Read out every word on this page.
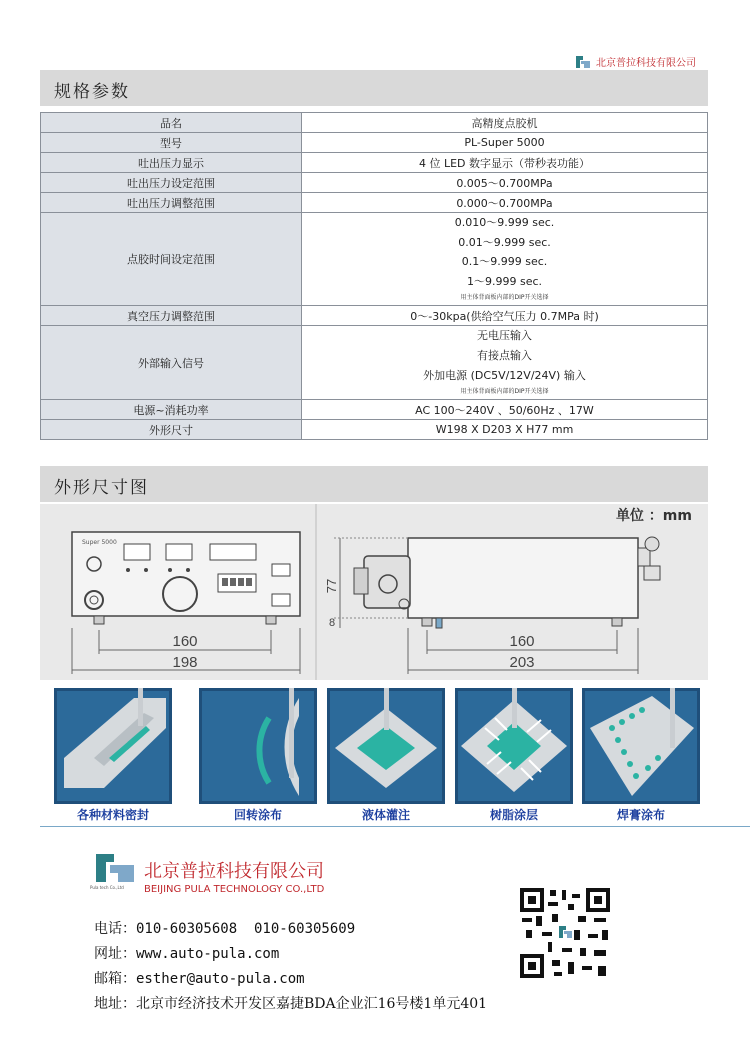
北京普拉科技有限公司
规格参数
品名	高精度点胶机
型号	PL-Super 5000
吐出压力显示	4 位 LED 数字显示（带秒表功能）
吐出压力设定范围	0.005～0.700MPa
吐出压力调整范围	0.000～0.700MPa
点胶时间设定范围	0.010～9.999 sec.
0.01～9.999 sec.
0.1～9.999 sec.
1～9.999 sec.
用主体背面板内部的DIP开关选择

真空压力调整范围	0～-30kpa(供给空气压力 0.7MPa 时)
外部输入信号	无电压输入
有接点输入
外加电源 (DC5V/12V/24V) 输入
用主体背面板内部的DIP开关选择

电源~消耗功率	AC 100～240V 、50/60Hz 、17W
外形尺寸	W198 X D203 X H77 mm
外形尺寸图
Super 5000
160
198
77
8
160
203
单位 ：mm
各种材料密封	回转涂布	液体灌注	树脂涂层	焊膏涂布
Pula tech Co.,Ltd
北京普拉科技有限公司
BEIJING PULA TECHNOLOGY CO.,LTD
电话：010-60305608  010-60305609
网址：www.auto-pula.com
邮箱：esther@auto-pula.com
地址：北京市经济技术开发区嘉捷BDA企业汇16号楼1单元401
